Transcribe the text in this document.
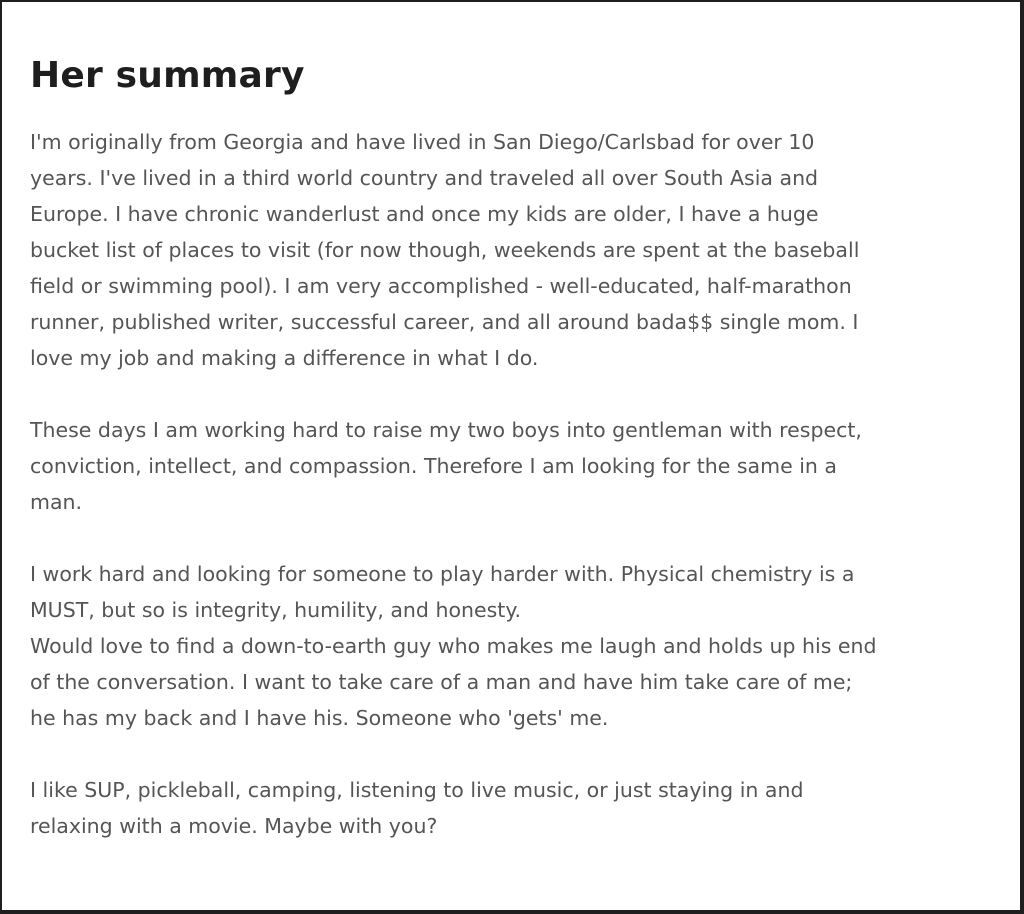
Her summary

I'm originally from Georgia and have lived in San Diego/Carlsbad for over 10
years. I've lived in a third world country and traveled all over South Asia and
Europe. I have chronic wanderlust and once my kids are older, I have a huge
bucket list of places to visit (for now though, weekends are spent at the baseball
field or swimming pool). I am very accomplished - well-educated, half-marathon
runner, published writer, successful career, and all around bada$$ single mom. I
love my job and making a difference in what I do.

These days I am working hard to raise my two boys into gentleman with respect,
conviction, intellect, and compassion. Therefore I am looking for the same in a
man.

I work hard and looking for someone to play harder with. Physical chemistry is a
MUST, but so is integrity, humility, and honesty.
Would love to find a down-to-earth guy who makes me laugh and holds up his end
of the conversation. I want to take care of a man and have him take care of me;
he has my back and I have his. Someone who 'gets' me.

I like SUP, pickleball, camping, listening to live music, or just staying in and
relaxing with a movie. Maybe with you?
